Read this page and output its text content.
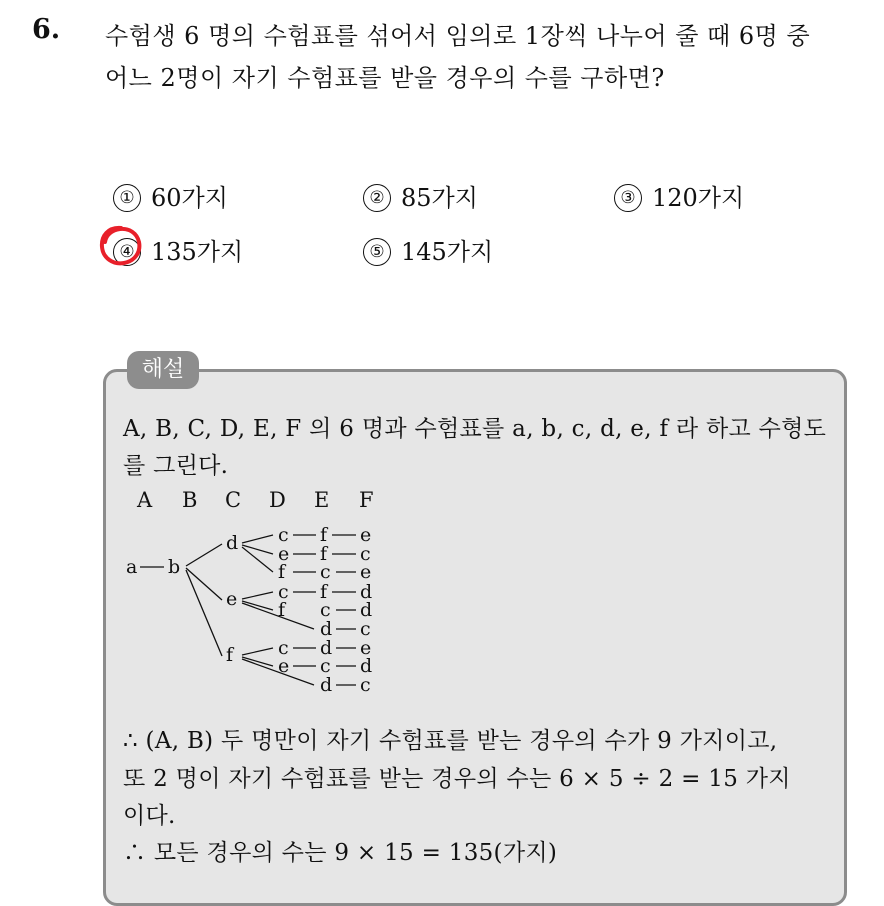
6. 수험생 6 명의 수험표를 섞어서 임의로 1장씩 나누어 줄 때 6명 중
어느 2명이 자기 수험표를 받을 경우의 수를 구하면?
① 60가지	② 85가지	③ 120가지
④ 135가지	⑤ 145가지
해설
A, B, C, D, E, F 의 6 명과 수험표를 a, b, c, d, e, f 라 하고 수형도
를 그린다.
A B C D E F
a b
d
e
f
c f e
e f c
f c e
c f d
f c d
d c
c d e
e c d
d c
∴ (A, B) 두 명만이 자기 수험표를 받는 경우의 수가 9 가지이고,
또 2 명이 자기 수험표를 받는 경우의 수는 6 × 5 ÷ 2 = 15 가지
이다.
∴ 모든 경우의 수는 9 × 15 = 135(가지)
